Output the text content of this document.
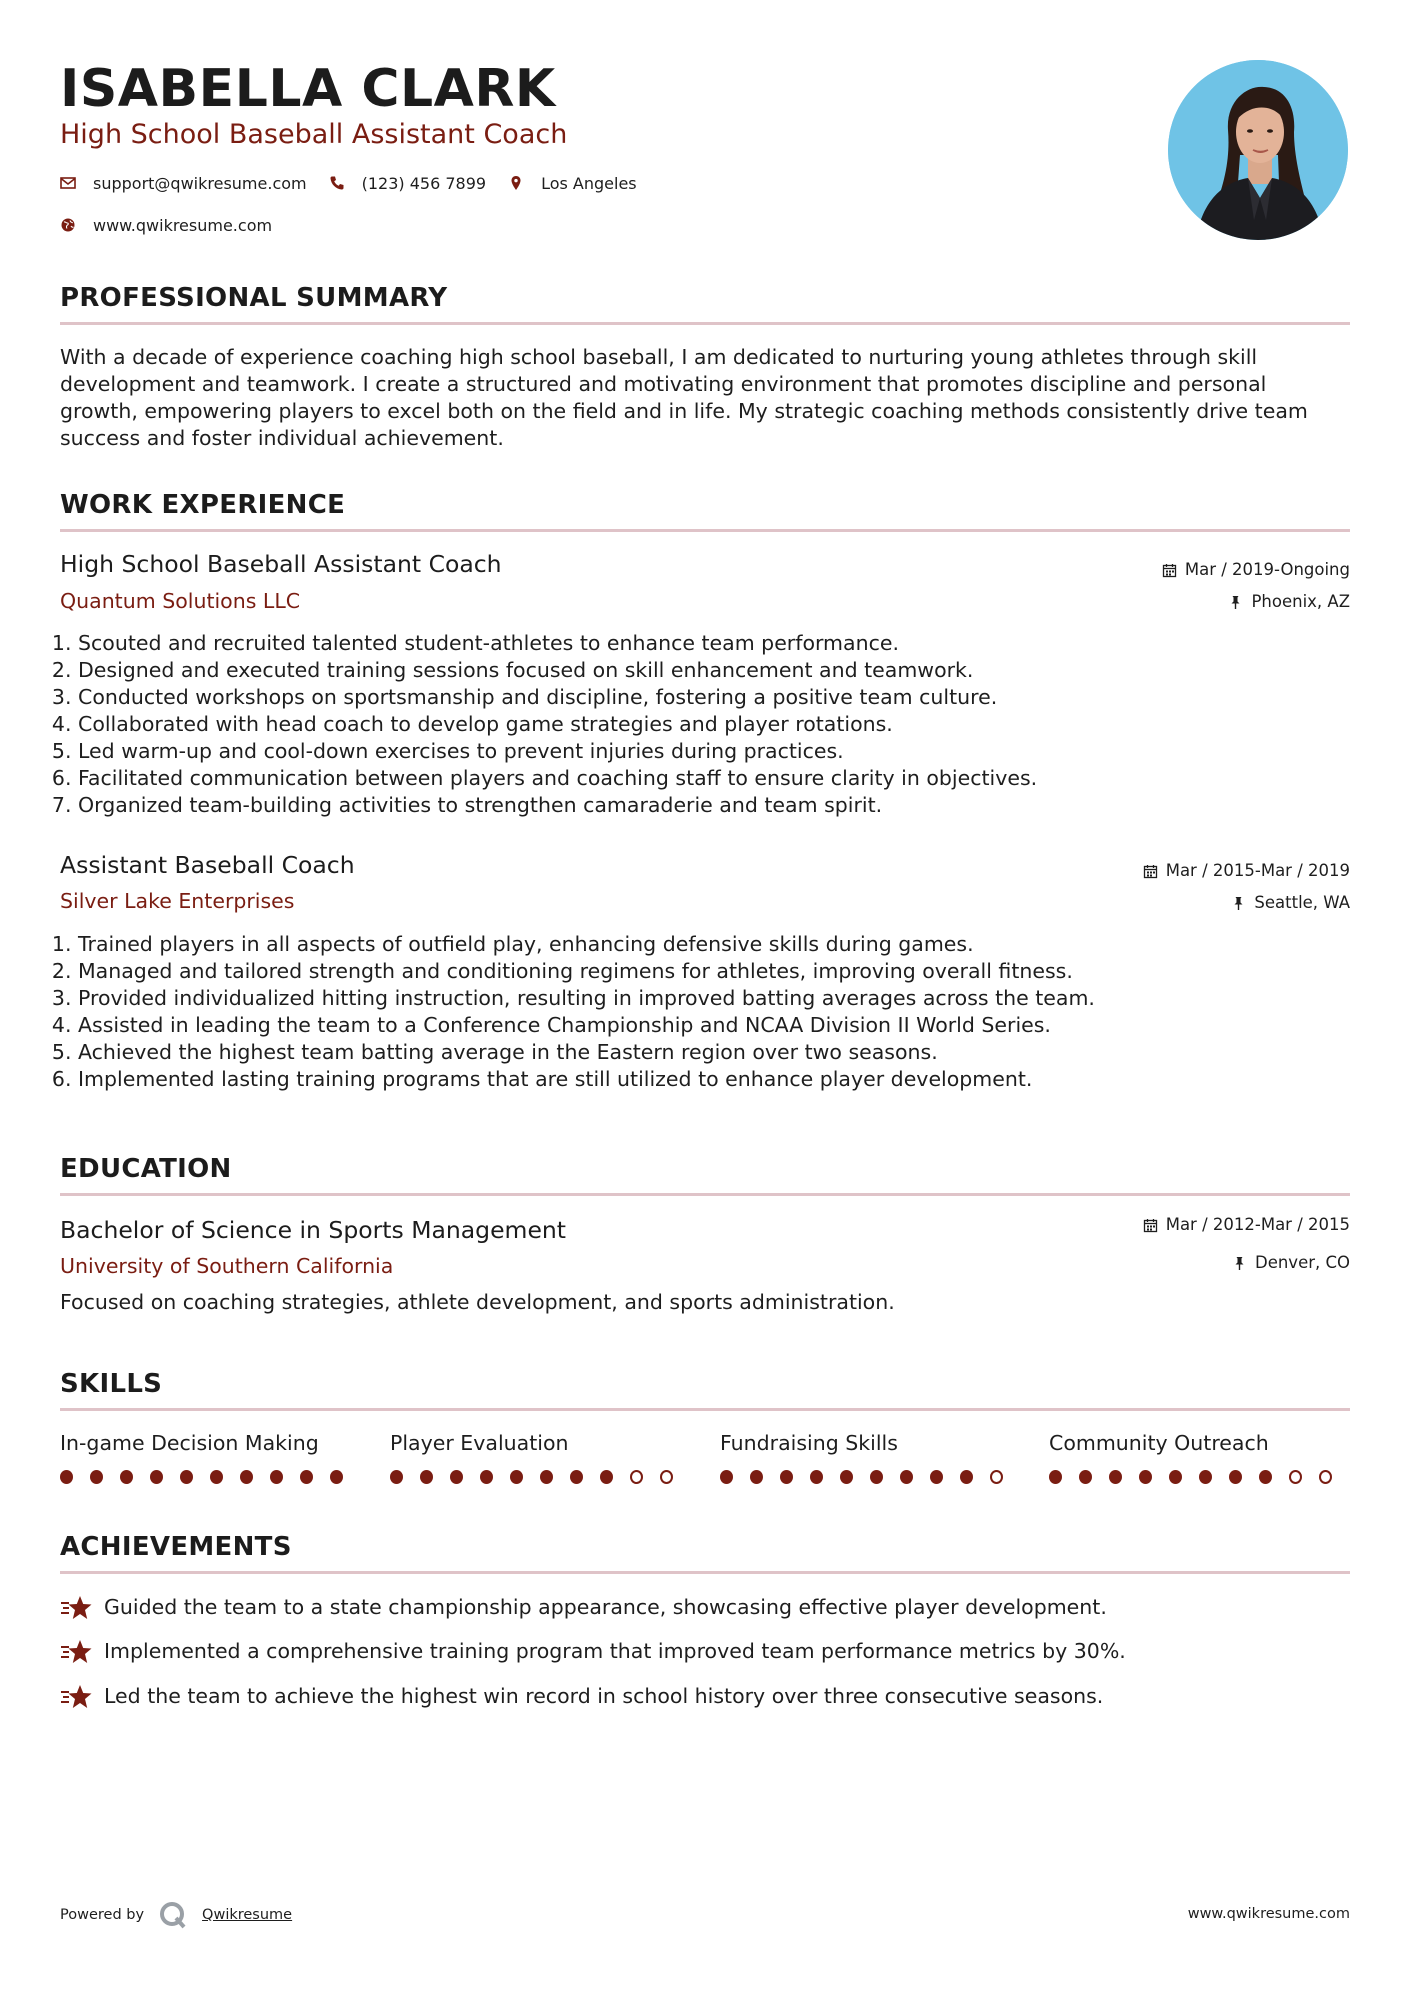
ISABELLA CLARK
High School Baseball Assistant Coach
support@qwikresume.com	(123) 456 7899	Los Angeles
www.qwikresume.com
PROFESSIONAL SUMMARY
With a decade of experience coaching high school baseball, I am dedicated to nurturing young athletes through skill development and teamwork. I create a structured and motivating environment that promotes discipline and personal growth, empowering players to excel both on the field and in life. My strategic coaching methods consistently drive team success and foster individual achievement.
WORK EXPERIENCE
High School Baseball Assistant Coach
Quantum Solutions LLC
Mar / 2019-Ongoing
Phoenix, AZ
1. Scouted and recruited talented student-athletes to enhance team performance.
2. Designed and executed training sessions focused on skill enhancement and teamwork.
3. Conducted workshops on sportsmanship and discipline, fostering a positive team culture.
4. Collaborated with head coach to develop game strategies and player rotations.
5. Led warm-up and cool-down exercises to prevent injuries during practices.
6. Facilitated communication between players and coaching staff to ensure clarity in objectives.
7. Organized team-building activities to strengthen camaraderie and team spirit.
Assistant Baseball Coach
Silver Lake Enterprises
Mar / 2015-Mar / 2019
Seattle, WA
1. Trained players in all aspects of outfield play, enhancing defensive skills during games.
2. Managed and tailored strength and conditioning regimens for athletes, improving overall fitness.
3. Provided individualized hitting instruction, resulting in improved batting averages across the team.
4. Assisted in leading the team to a Conference Championship and NCAA Division II World Series.
5. Achieved the highest team batting average in the Eastern region over two seasons.
6. Implemented lasting training programs that are still utilized to enhance player development.
EDUCATION
Bachelor of Science in Sports Management
University of Southern California
Mar / 2012-Mar / 2015
Denver, CO
Focused on coaching strategies, athlete development, and sports administration.
SKILLS
In-game Decision Making	Player Evaluation	Fundraising Skills	Community Outreach
ACHIEVEMENTS
Guided the team to a state championship appearance, showcasing effective player development.
Implemented a comprehensive training program that improved team performance metrics by 30%.
Led the team to achieve the highest win record in school history over three consecutive seasons.
Powered by	Qwikresume	www.qwikresume.com
